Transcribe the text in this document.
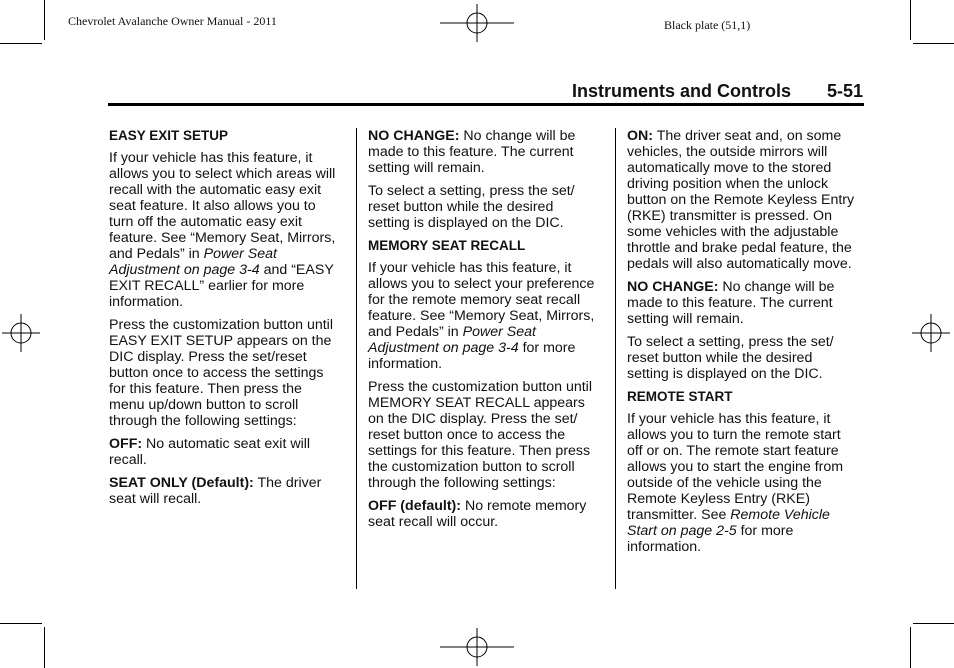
Chevrolet Avalanche Owner Manual - 2011	Black plate (51,1)
Instruments and Controls 5-51
EASY EXIT SETUP

If your vehicle has this feature, it
allows you to select which areas will
recall with the automatic easy exit
seat feature. It also allows you to
turn off the automatic easy exit
feature. See “Memory Seat, Mirrors,
and Pedals” in Power Seat
Adjustment on page 3-4 and “EASY
EXIT RECALL” earlier for more
information.

Press the customization button until
EASY EXIT SETUP appears on the
DIC display. Press the set/reset
button once to access the settings
for this feature. Then press the
menu up/down button to scroll
through the following settings:

OFF: No automatic seat exit will
recall.

SEAT ONLY (Default): The driver
seat will recall.

NO CHANGE: No change will be
made to this feature. The current
setting will remain.

To select a setting, press the set/
reset button while the desired
setting is displayed on the DIC.

MEMORY SEAT RECALL

If your vehicle has this feature, it
allows you to select your preference
for the remote memory seat recall
feature. See “Memory Seat, Mirrors,
and Pedals” in Power Seat
Adjustment on page 3-4 for more
information.

Press the customization button until
MEMORY SEAT RECALL appears
on the DIC display. Press the set/
reset button once to access the
settings for this feature. Then press
the customization button to scroll
through the following settings:

OFF (default): No remote memory
seat recall will occur.

ON: The driver seat and, on some
vehicles, the outside mirrors will
automatically move to the stored
driving position when the unlock
button on the Remote Keyless Entry
(RKE) transmitter is pressed. On
some vehicles with the adjustable
throttle and brake pedal feature, the
pedals will also automatically move.

NO CHANGE: No change will be
made to this feature. The current
setting will remain.

To select a setting, press the set/
reset button while the desired
setting is displayed on the DIC.

REMOTE START

If your vehicle has this feature, it
allows you to turn the remote start
off or on. The remote start feature
allows you to start the engine from
outside of the vehicle using the
Remote Keyless Entry (RKE)
transmitter. See Remote Vehicle
Start on page 2-5 for more
information.
